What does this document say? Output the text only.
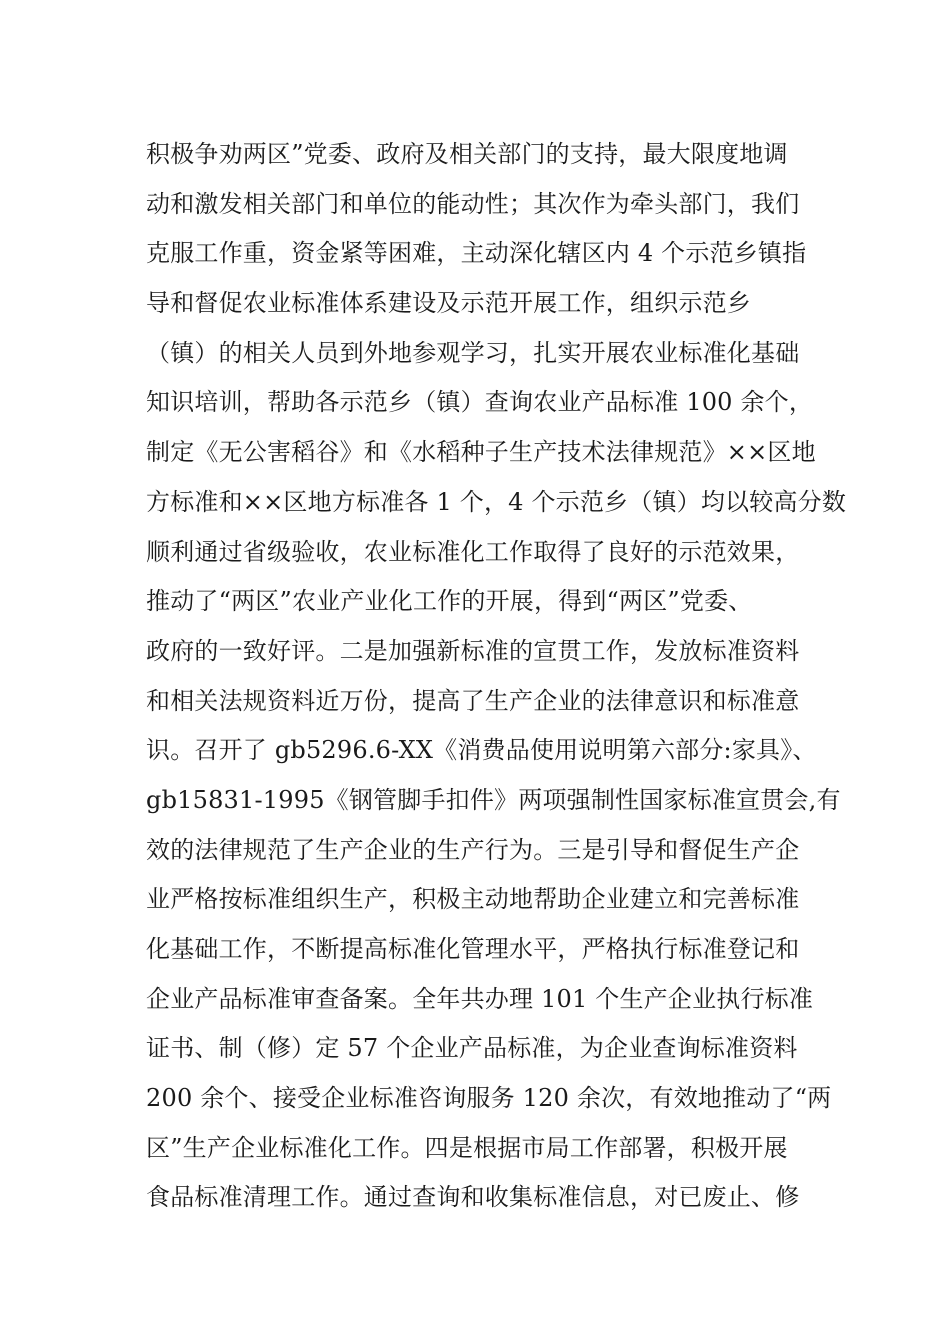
积极争劝两区”党委、政府及相关部门的支持，最大限度地调
动和激发相关部门和单位的能动性；其次作为牵头部门，我们
克服工作重，资金紧等困难，主动深化辖区内 4 个示范乡镇指
导和督促农业标准体系建设及示范开展工作，组织示范乡
（镇）的相关人员到外地参观学习，扎实开展农业标准化基础
知识培训，帮助各示范乡（镇）查询农业产品标准 100 余个，
制定《无公害稻谷》和《水稻种子生产技术法律规范》××区地
方标准和××区地方标准各 1 个，4 个示范乡（镇）均以较高分数
顺利通过省级验收，农业标准化工作取得了良好的示范效果，
推动了“两区”农业产业化工作的开展，得到“两区”党委、
政府的一致好评。二是加强新标准的宣贯工作，发放标准资料
和相关法规资料近万份，提高了生产企业的法律意识和标准意
识。召开了 gb5296.6-XX《消费品使用说明第六部分:家具》、
gb15831-1995《钢管脚手扣件》两项强制性国家标准宣贯会,有
效的法律规范了生产企业的生产行为。三是引导和督促生产企
业严格按标准组织生产，积极主动地帮助企业建立和完善标准
化基础工作，不断提高标准化管理水平，严格执行标准登记和
企业产品标准审查备案。全年共办理 101 个生产企业执行标准
证书、制（修）定 57 个企业产品标准，为企业查询标准资料
200 余个、接受企业标准咨询服务 120 余次，有效地推动了“两
区”生产企业标准化工作。四是根据市局工作部署，积极开展
食品标准清理工作。通过查询和收集标准信息，对已废止、修
